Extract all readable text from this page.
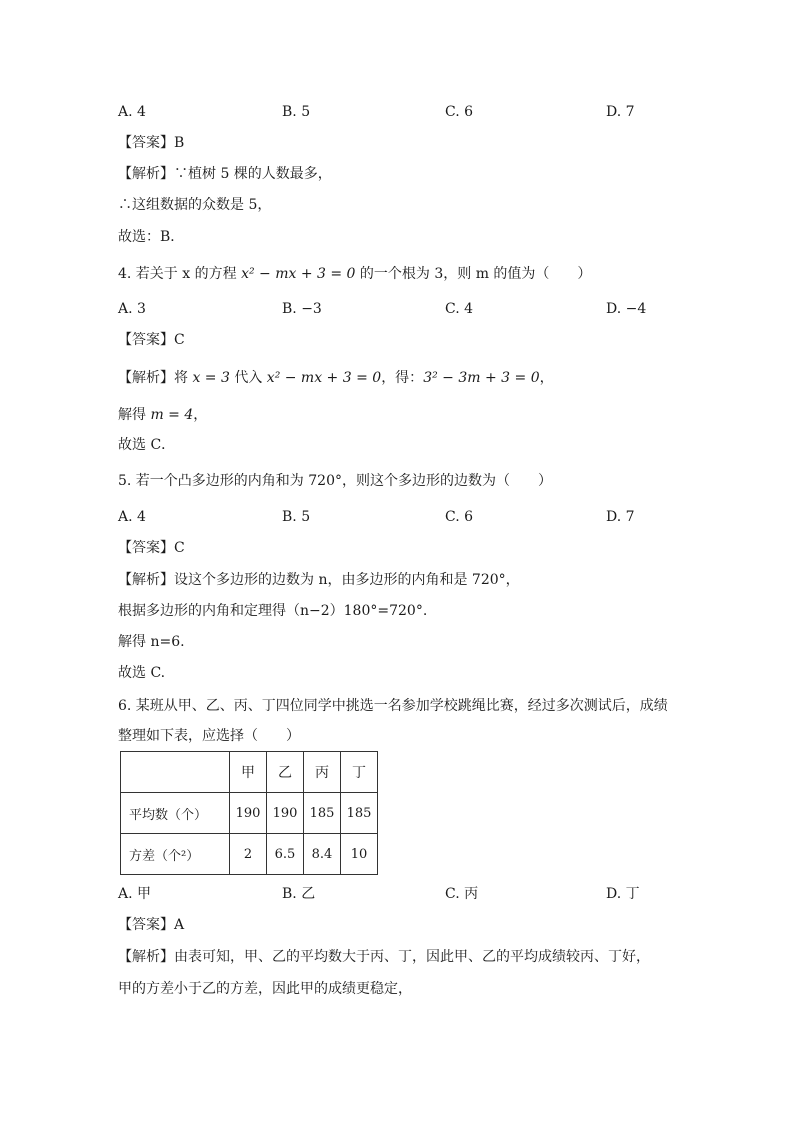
A. 4	B. 5	C. 6	D. 7
【答案】B
【解析】∵植树 5 棵的人数最多，
∴这组数据的众数是 5，
故选：B．
4. 若关于 x 的方程 x² − mx + 3 = 0 的一个根为 3，则 m 的值为（　　）
A. 3	B. −3	C. 4	D. −4
【答案】C
【解析】将 x = 3 代入 x² − mx + 3 = 0，得：3² − 3m + 3 = 0，
解得 m = 4，
故选 C．
5. 若一个凸多边形的内角和为 720°，则这个多边形的边数为（　　）
A. 4	B. 5	C. 6	D. 7
【答案】C
【解析】设这个多边形的边数为 n，由多边形的内角和是 720°，
根据多边形的内角和定理得（n−2）180°=720°.
解得 n=6.
故选 C.
6. 某班从甲、乙、丙、丁四位同学中挑选一名参加学校跳绳比赛，经过多次测试后，成绩
整理如下表，应选择（　　）
	甲	乙	丙	丁
平均数（个）	190	190	185	185
方差（个²）	2	6.5	8.4	10
A. 甲	B. 乙	C. 丙	D. 丁
【答案】A
【解析】由表可知，甲、乙的平均数大于丙、丁，因此甲、乙的平均成绩较丙、丁好，
甲的方差小于乙的方差，因此甲的成绩更稳定，
